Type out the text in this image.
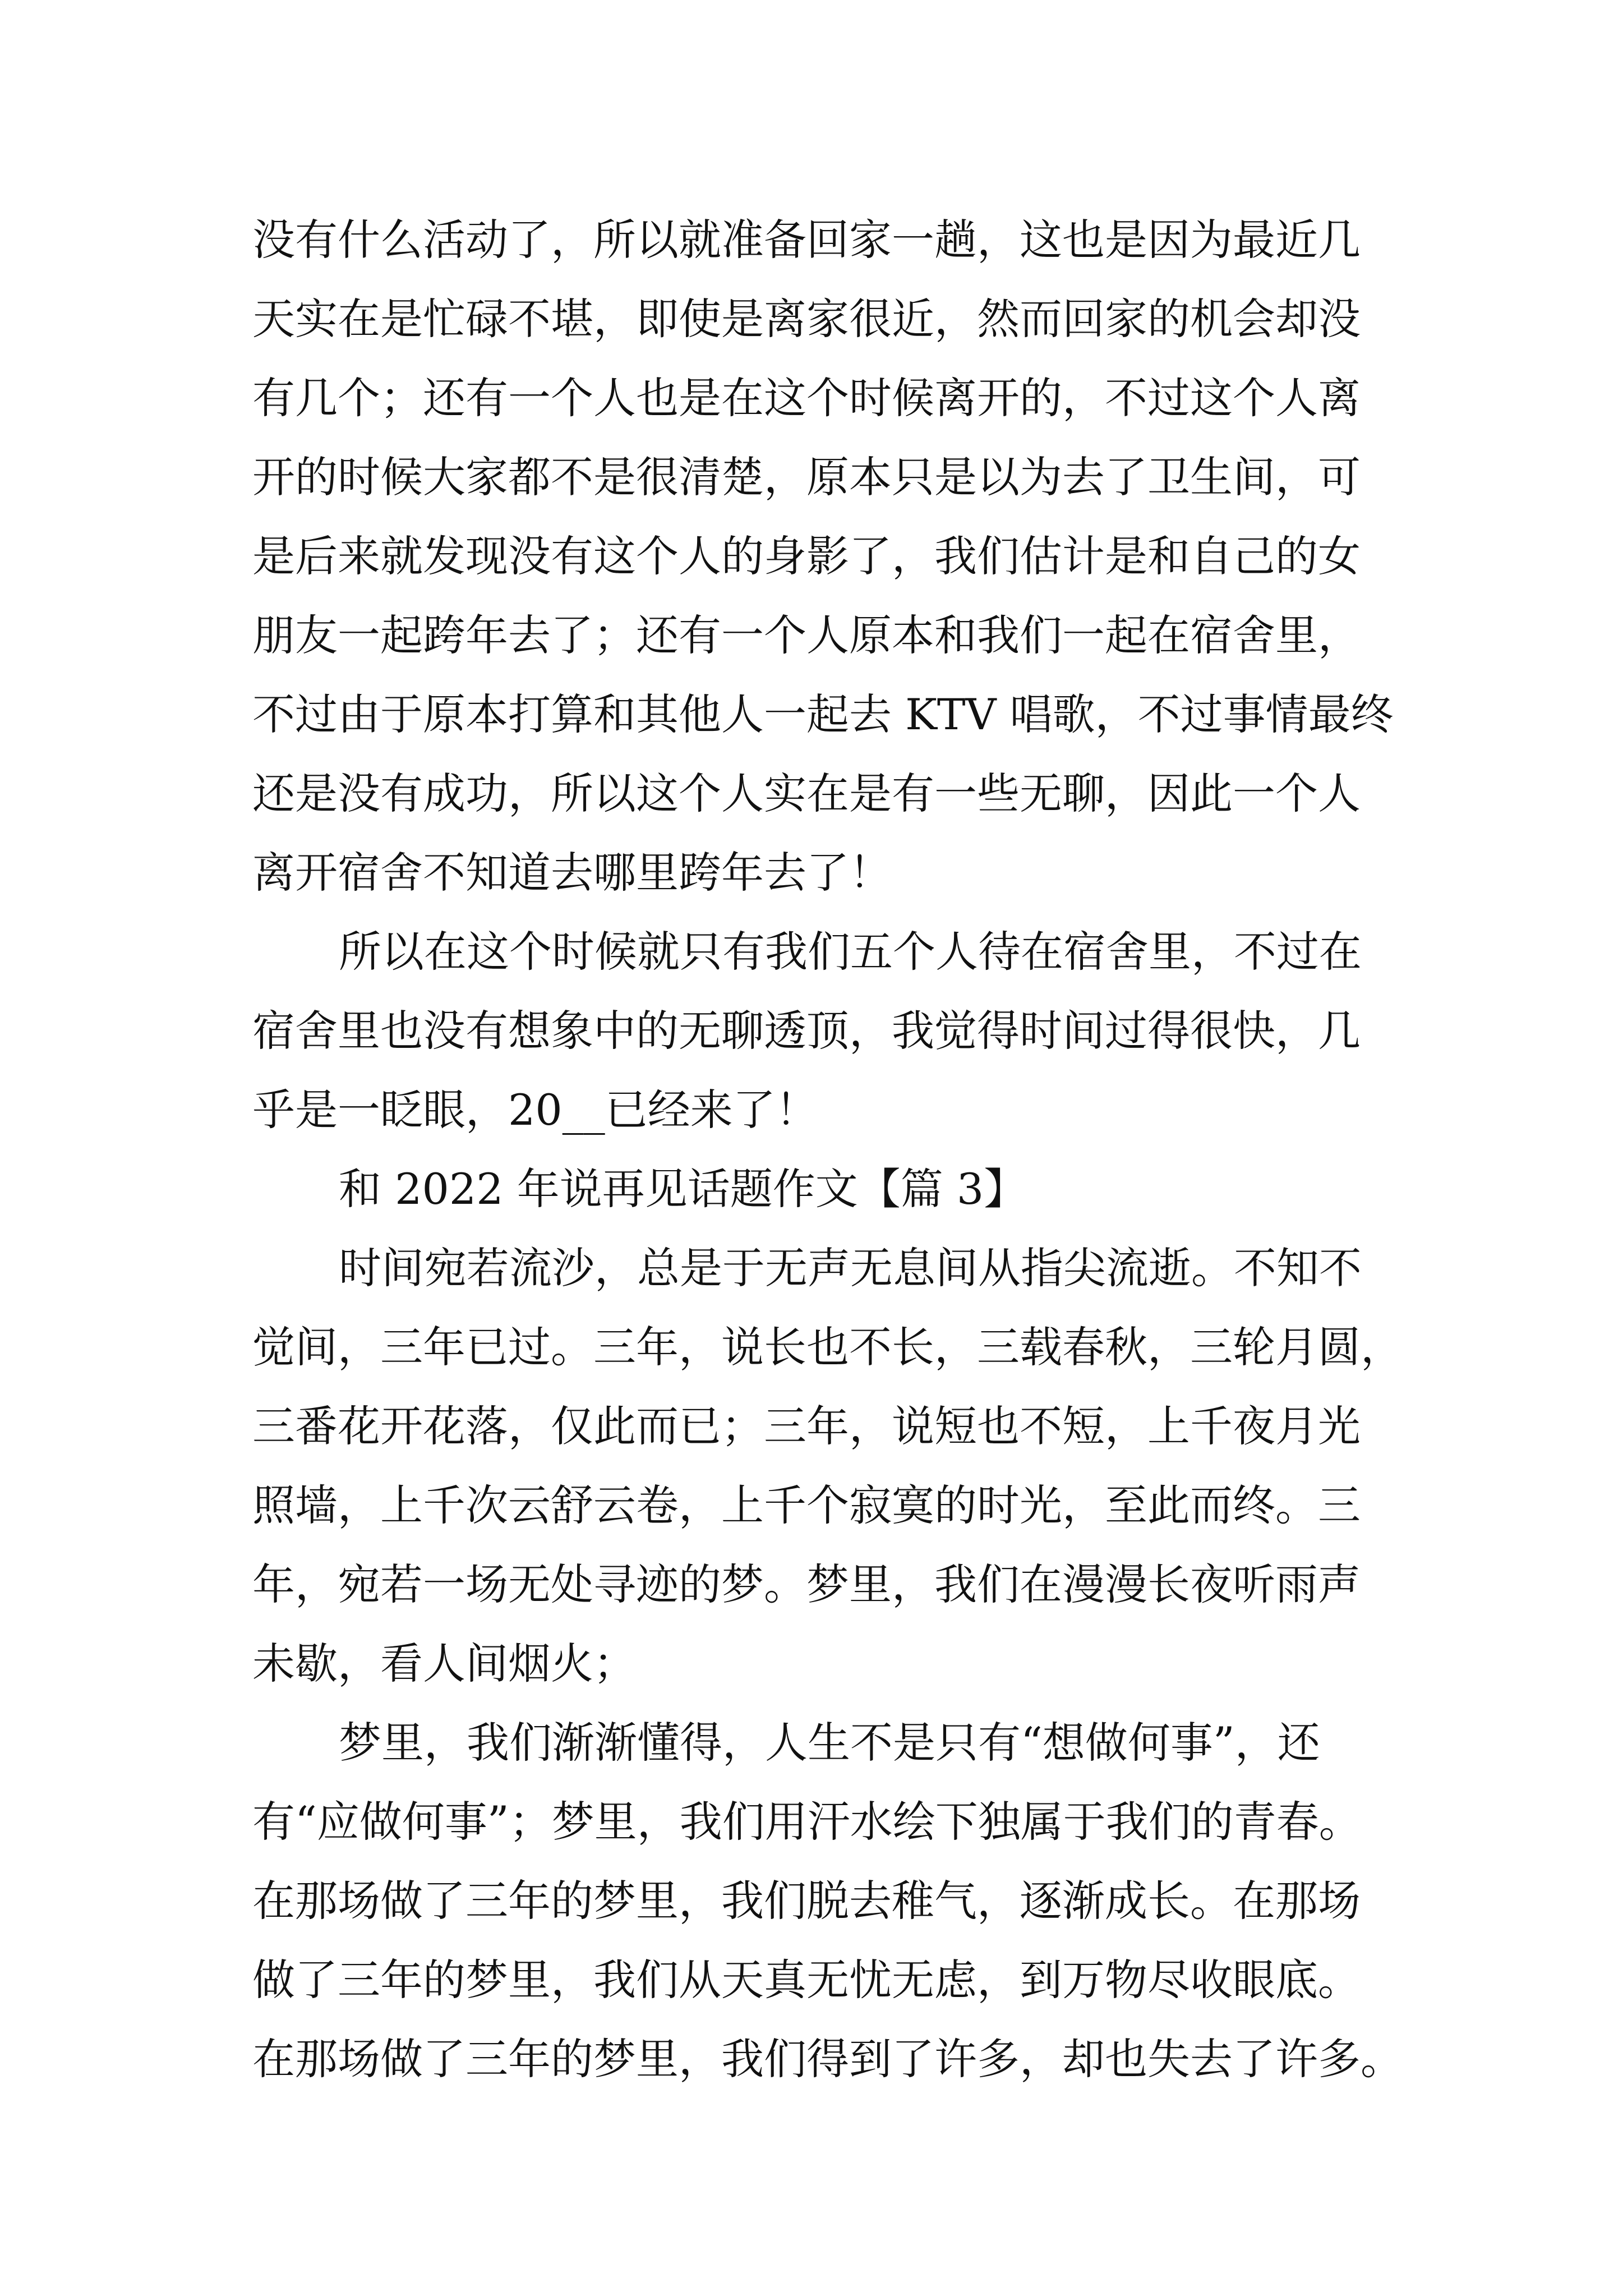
没有什么活动了，所以就准备回家一趟，这也是因为最近几
天实在是忙碌不堪，即使是离家很近，然而回家的机会却没
有几个；还有一个人也是在这个时候离开的，不过这个人离
开的时候大家都不是很清楚，原本只是以为去了卫生间，可
是后来就发现没有这个人的身影了，我们估计是和自己的女
朋友一起跨年去了；还有一个人原本和我们一起在宿舍里，
不过由于原本打算和其他人一起去 KTV 唱歌，不过事情最终
还是没有成功，所以这个人实在是有一些无聊，因此一个人
离开宿舍不知道去哪里跨年去了！
所以在这个时候就只有我们五个人待在宿舍里，不过在
宿舍里也没有想象中的无聊透顶，我觉得时间过得很快，几
乎是一眨眼，20__已经来了！
和 2022 年说再见话题作文【篇 3】
时间宛若流沙，总是于无声无息间从指尖流逝。不知不
觉间，三年已过。三年，说长也不长，三载春秋，三轮月圆，
三番花开花落，仅此而已；三年，说短也不短，上千夜月光
照墙，上千次云舒云卷，上千个寂寞的时光，至此而终。三
年，宛若一场无处寻迹的梦。梦里，我们在漫漫长夜听雨声
未歇，看人间烟火；
梦里，我们渐渐懂得，人生不是只有“想做何事”，还
有“应做何事”；梦里，我们用汗水绘下独属于我们的青春。
在那场做了三年的梦里，我们脱去稚气，逐渐成长。在那场
做了三年的梦里，我们从天真无忧无虑，到万物尽收眼底。
在那场做了三年的梦里，我们得到了许多，却也失去了许多。
